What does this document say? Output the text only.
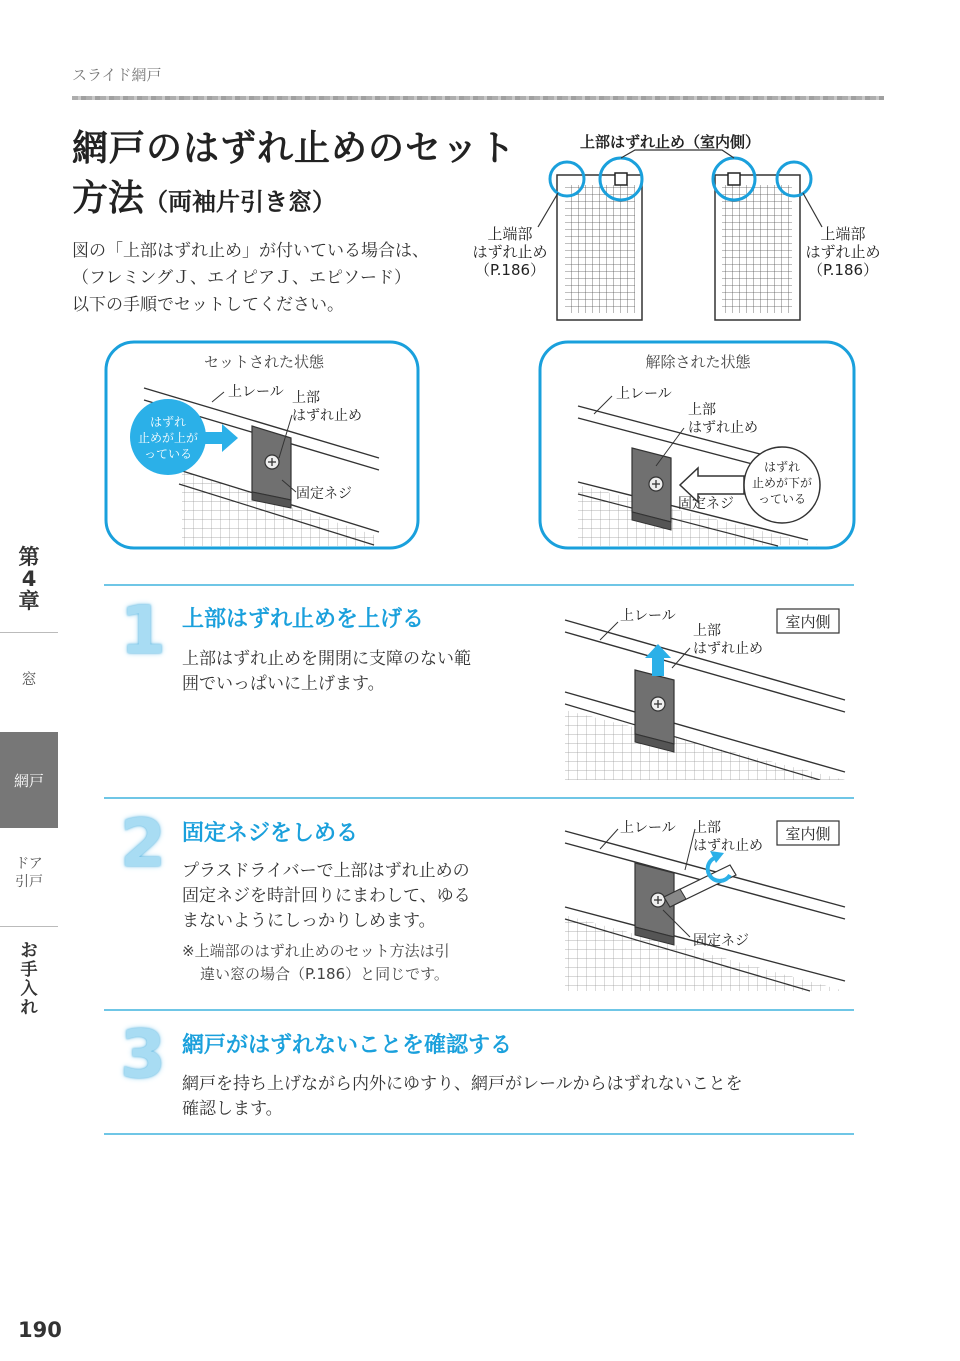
スライド網戸
網戸のはずれ止めのセット
方法（両袖片引き窓）
図の「上部はずれ止め」が付いている場合は、
（フレミングＪ、エイピアＪ、エピソード）
以下の手順でセットしてください。
上部はずれ止め（室内側）
上端部
はずれ止め
（P.186）
上端部
はずれ止め
（P.186）
セットされた状態
上レール 上部
はずれ止め
固定ネジ
はずれ
止めが上が
っている
解除された状態
上レール
上部
はずれ止め
固定ネジ
はずれ
止めが下が
っている
第
4
章
窓
網戸
ドア
引戸
お
手
入
れ
1 上部はずれ止めを上げる
上部はずれ止めを開閉に支障のない範
囲でいっぱいに上げます。
上レール
上部
はずれ止め
室内側
2 固定ネジをしめる
プラスドライバーで上部はずれ止めの
固定ネジを時計回りにまわして、ゆる
まないようにしっかりしめます。
※上端部のはずれ止めのセット方法は引
違い窓の場合（P.186）と同じです。
上レール 上部
はずれ止め
固定ネジ
室内側
3 網戸がはずれないことを確認する
網戸を持ち上げながら内外にゆすり、網戸がレールからはずれないことを
確認します。
190
